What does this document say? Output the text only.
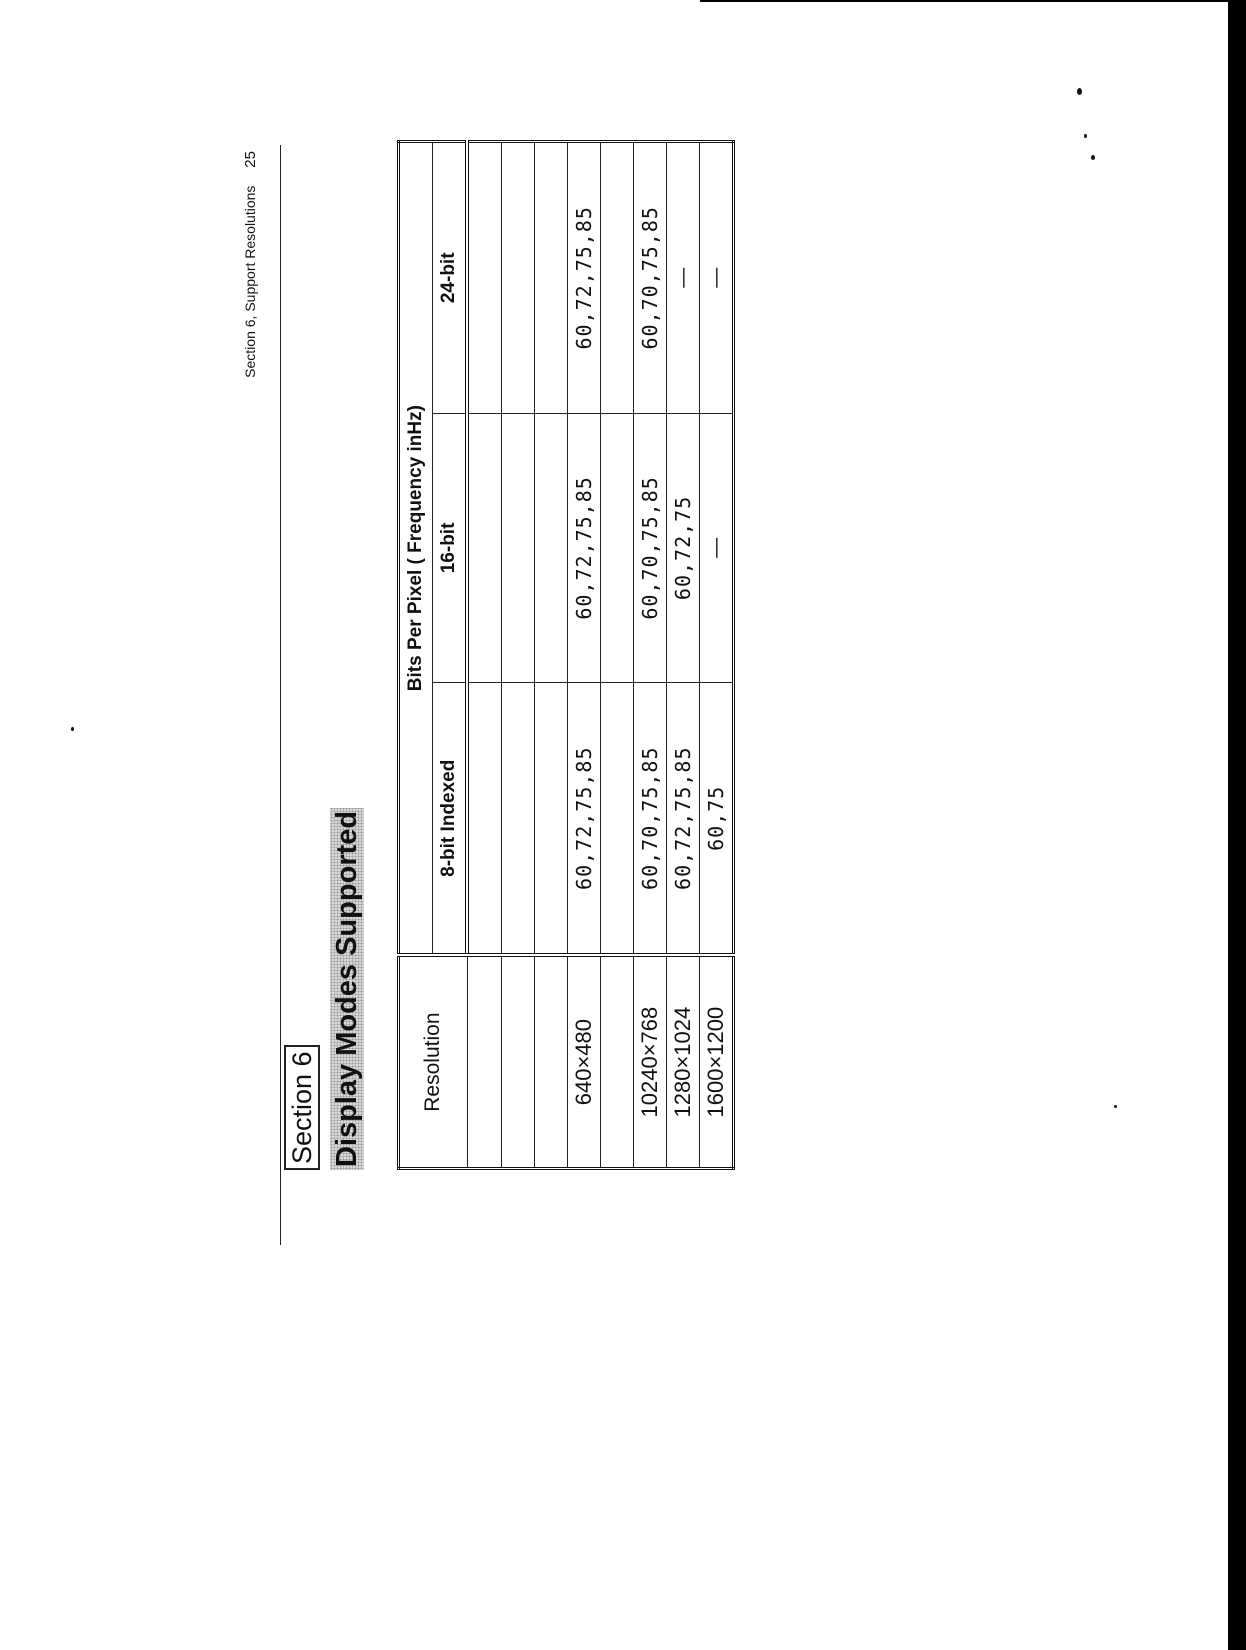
Section 6, Support Resolutions 25
Section 6 Display Modes Supported	Resolution	Bits Per Pixel ( Frequency inHz)		
	8-bit Indexed	16-bit	24-bit

640×480	60,72,75,85	60,72,75,85	60,72,75,85

10240×768	60,70,75,85	60,70,75,85	60,70,75,85
1280×1024	60,72,75,85	60,72,75	—
1600×1200	60,75	—	—
